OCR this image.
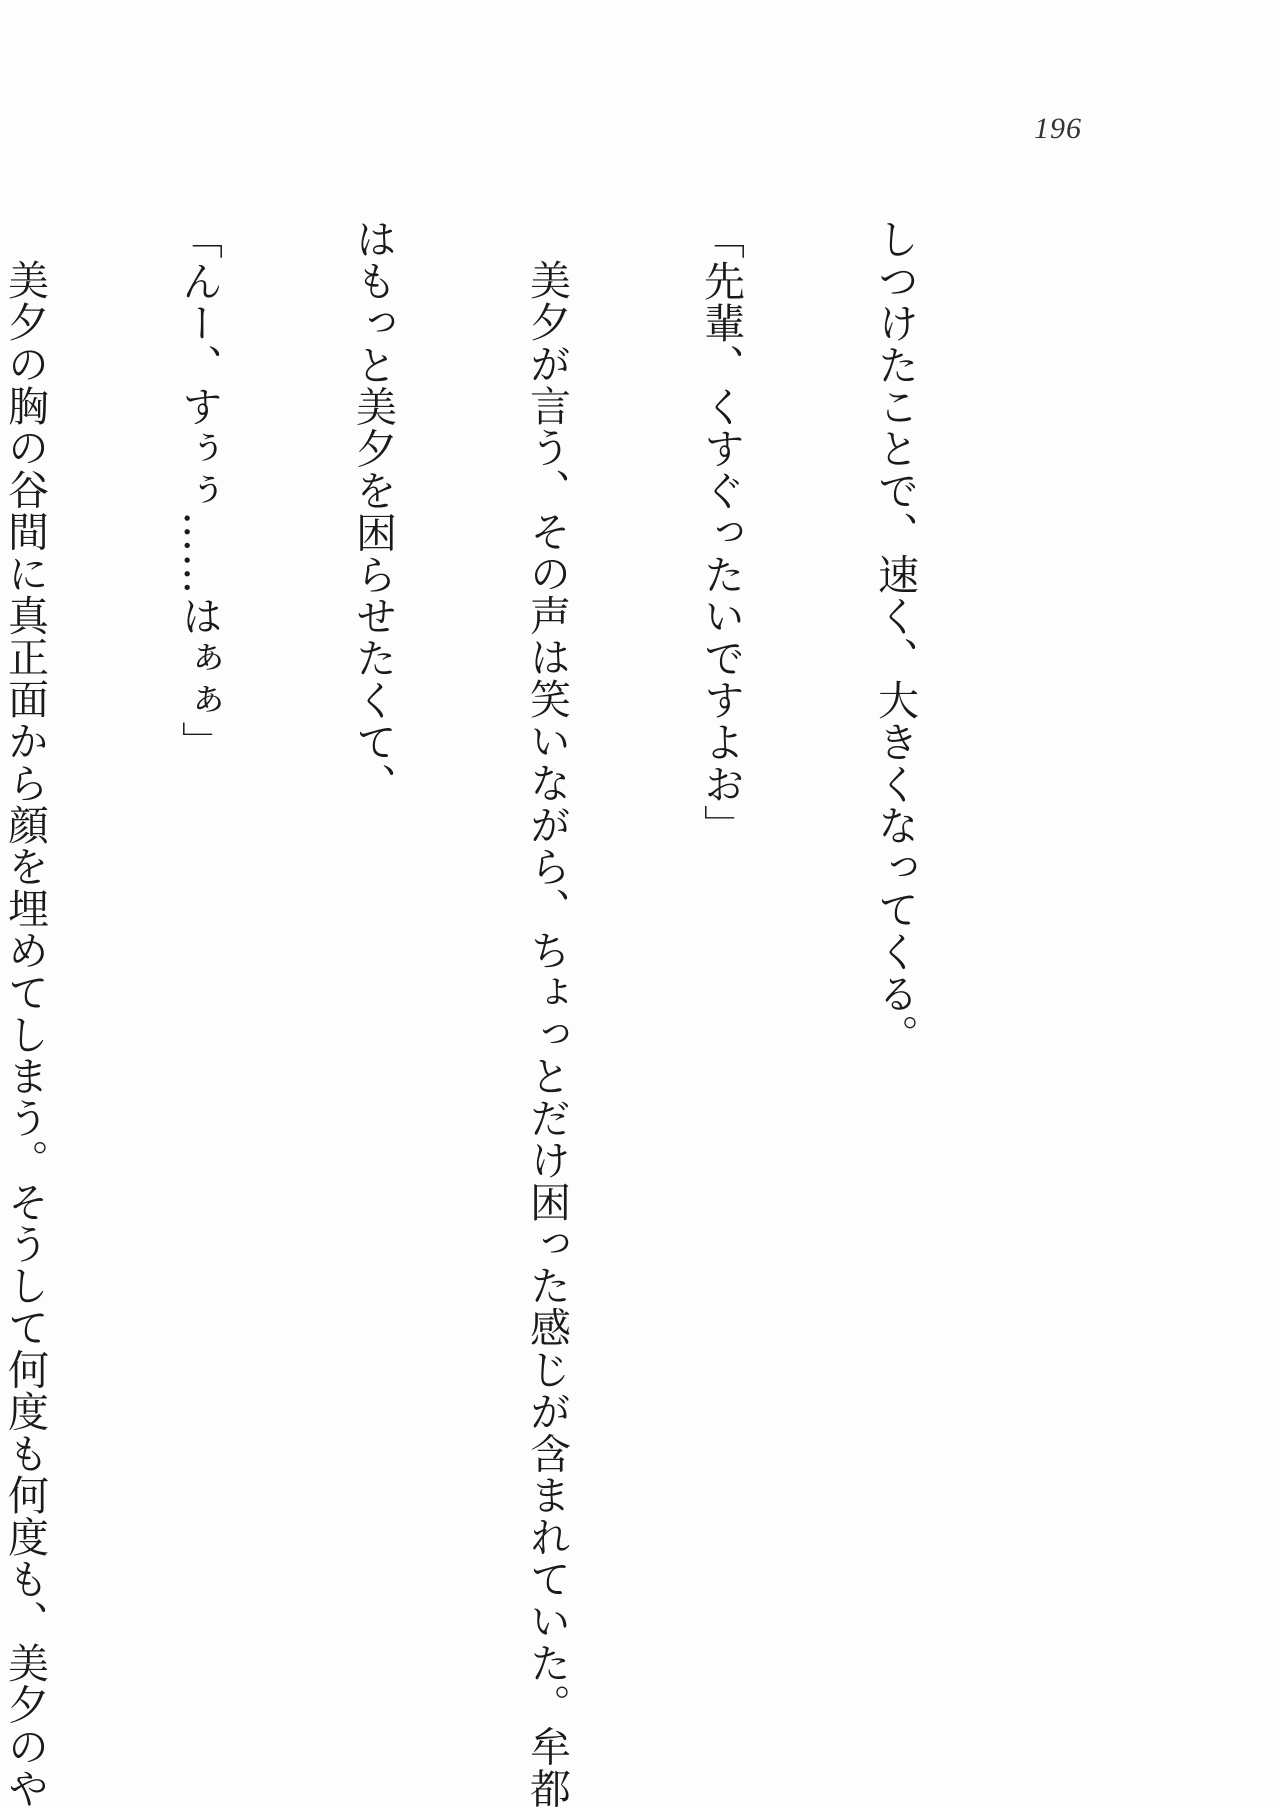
196

しつけたことで、速く、大きくなってくる。

「先輩、くすぐったいですよお」

美夕が言う、その声は笑いながら、ちょっとだけ困った感じが含まれていた。牟都

はもっと美夕を困らせたくて、

「んー、すぅぅ……はぁぁ」

美夕の胸の谷間に真正面から顔を埋めてしまう。そうして何度も何度も、美夕のや
